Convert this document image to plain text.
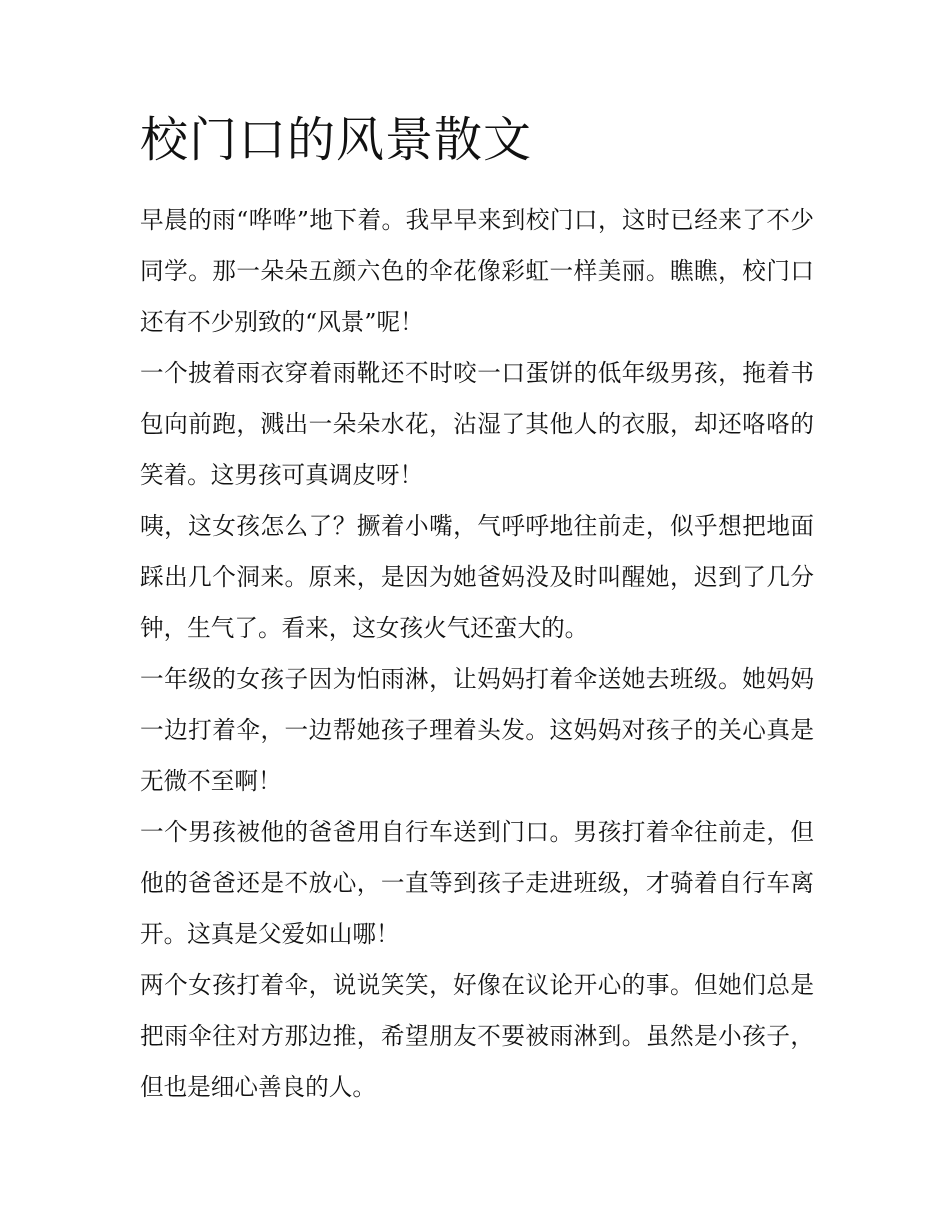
校门口的风景散文

早晨的雨“哗哗”地下着。我早早来到校门口，这时已经来了不少同学。那一朵朵五颜六色的伞花像彩虹一样美丽。瞧瞧，校门口还有不少别致的“风景”呢！

一个披着雨衣穿着雨靴还不时咬一口蛋饼的低年级男孩，拖着书包向前跑，溅出一朵朵水花，沾湿了其他人的衣服，却还咯咯的笑着。这男孩可真调皮呀！

咦，这女孩怎么了？撅着小嘴，气呼呼地往前走，似乎想把地面踩出几个洞来。原来，是因为她爸妈没及时叫醒她，迟到了几分钟，生气了。看来，这女孩火气还蛮大的。

一年级的女孩子因为怕雨淋，让妈妈打着伞送她去班级。她妈妈一边打着伞，一边帮她孩子理着头发。这妈妈对孩子的关心真是无微不至啊！

一个男孩被他的爸爸用自行车送到门口。男孩打着伞往前走，但他的爸爸还是不放心，一直等到孩子走进班级，才骑着自行车离开。这真是父爱如山哪！

两个女孩打着伞，说说笑笑，好像在议论开心的事。但她们总是把雨伞往对方那边推，希望朋友不要被雨淋到。虽然是小孩子，但也是细心善良的人。
